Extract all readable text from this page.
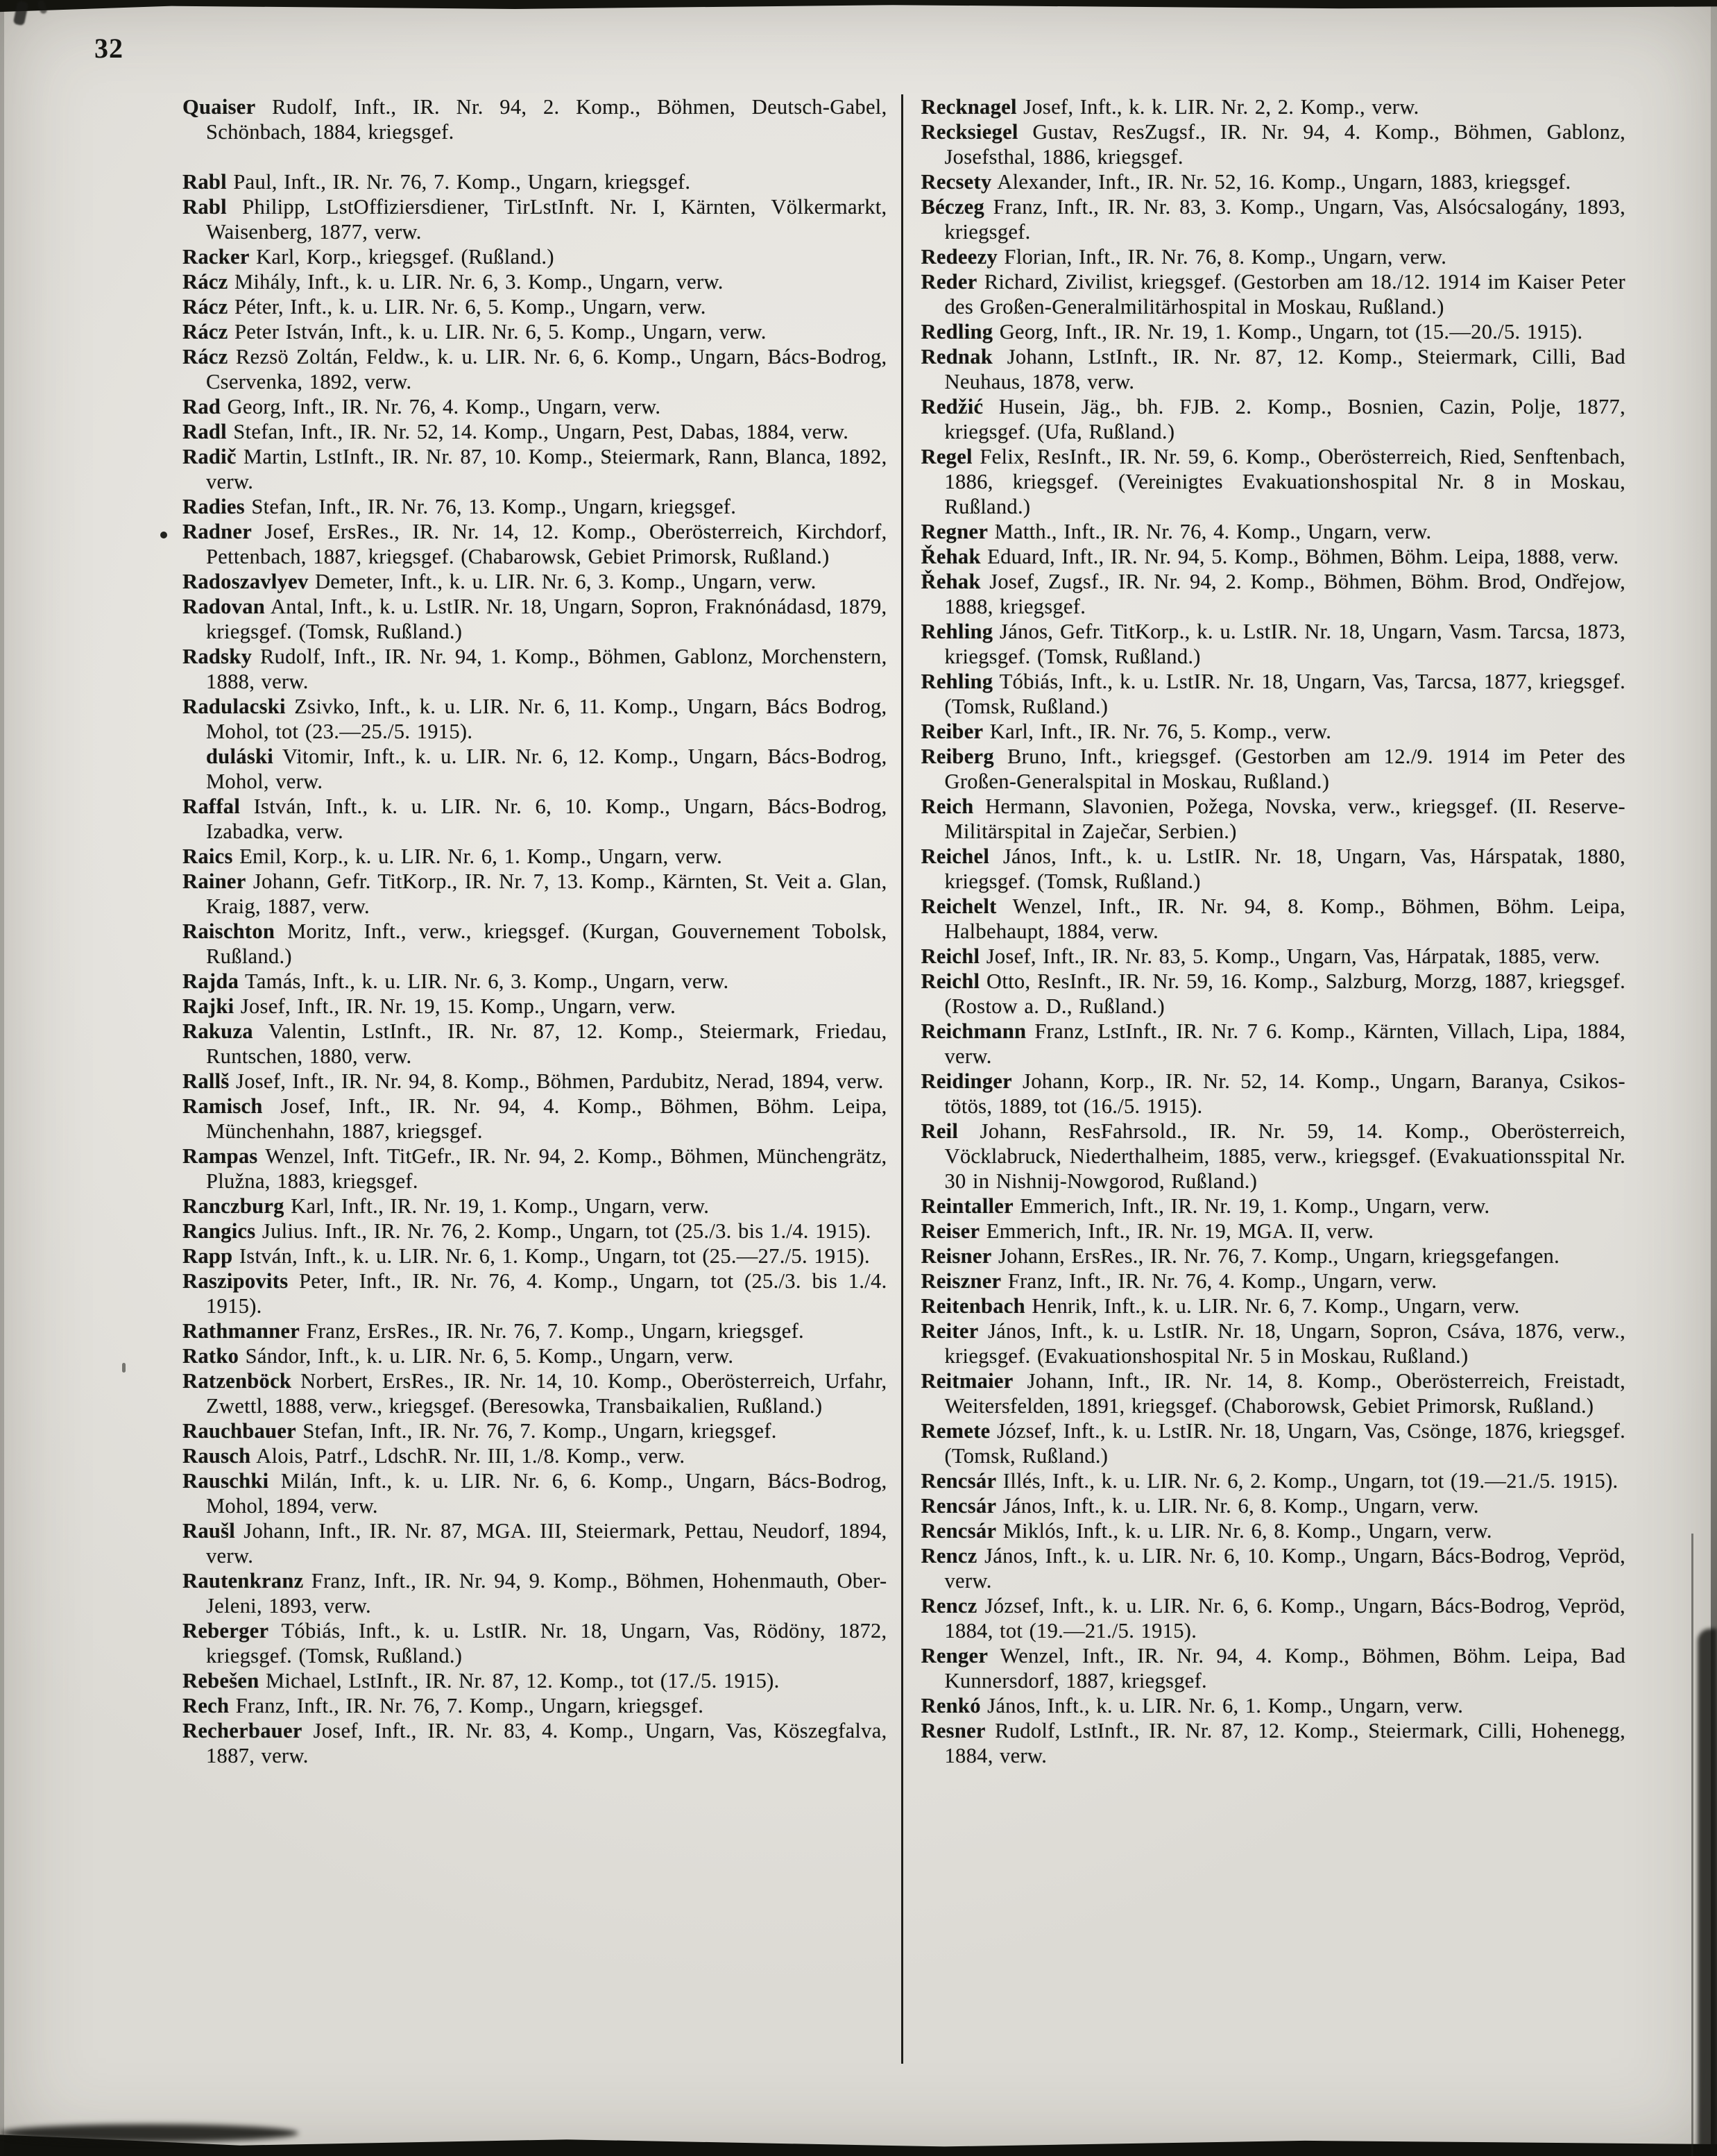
32

Quaiser Rudolf, Inft., IR. Nr. 94, 2. Komp., Böhmen, Deutsch-Gabel, Schönbach, 1884, kriegsgef.

Rabl Paul, Inft., IR. Nr. 76, 7. Komp., Ungarn, kriegsgef.

Rabl Philipp, LstOffiziersdiener, TirLstInft. Nr. I, Kärnten, Völkermarkt, Waisenberg, 1877, verw.

Racker Karl, Korp., kriegsgef. (Rußland.)

Rácz Mihály, Inft., k. u. LIR. Nr. 6, 3. Komp., Ungarn, verw.

Rácz Péter, Inft., k. u. LIR. Nr. 6, 5. Komp., Ungarn, verw.

Rácz Peter István, Inft., k. u. LIR. Nr. 6, 5. Komp., Ungarn, verw.

Rácz Rezsö Zoltán, Feldw., k. u. LIR. Nr. 6, 6. Komp., Ungarn, Bács-Bodrog, Cservenka, 1892, verw.

Rad Georg, Inft., IR. Nr. 76, 4. Komp., Ungarn, verw.

Radl Stefan, Inft., IR. Nr. 52, 14. Komp., Ungarn, Pest, Dabas, 1884, verw.

Radič Martin, LstInft., IR. Nr. 87, 10. Komp., Steiermark, Rann, Blanca, 1892, verw.

Radies Stefan, Inft., IR. Nr. 76, 13. Komp., Ungarn, kriegsgef.

Radner Josef, ErsRes., IR. Nr. 14, 12. Komp., Oberösterreich, Kirchdorf, Pettenbach, 1887, kriegsgef. (Chabarowsk, Gebiet Primorsk, Rußland.)

Radoszavlyev Demeter, Inft., k. u. LIR. Nr. 6, 3. Komp., Ungarn, verw.

Radovan Antal, Inft., k. u. LstIR. Nr. 18, Ungarn, Sopron, Fraknónádasd, 1879, kriegsgef. (Tomsk, Rußland.)

Radsky Rudolf, Inft., IR. Nr. 94, 1. Komp., Böhmen, Gablonz, Morchenstern, 1888, verw.

Radulacski Zsivko, Inft., k. u. LIR. Nr. 6, 11. Komp., Ungarn, Bács Bodrog, Mohol, tot (23.—25./5. 1915).

duláski Vitomir, Inft., k. u. LIR. Nr. 6, 12. Komp., Ungarn, Bács-Bodrog, Mohol, verw.

Raffal István, Inft., k. u. LIR. Nr. 6, 10. Komp., Ungarn, Bács-Bodrog, Izabadka, verw.

Raics Emil, Korp., k. u. LIR. Nr. 6, 1. Komp., Ungarn, verw.

Rainer Johann, Gefr. TitKorp., IR. Nr. 7, 13. Komp., Kärnten, St. Veit a. Glan, Kraig, 1887, verw.

Raischton Moritz, Inft., verw., kriegsgef. (Kurgan, Gouvernement Tobolsk, Rußland.)

Rajda Tamás, Inft., k. u. LIR. Nr. 6, 3. Komp., Ungarn, verw.

Rajki Josef, Inft., IR. Nr. 19, 15. Komp., Ungarn, verw.

Rakuza Valentin, LstInft., IR. Nr. 87, 12. Komp., Steiermark, Friedau, Runtschen, 1880, verw.

Rallš Josef, Inft., IR. Nr. 94, 8. Komp., Böhmen, Pardubitz, Nerad, 1894, verw.

Ramisch Josef, Inft., IR. Nr. 94, 4. Komp., Böhmen, Böhm. Leipa, Münchenhahn, 1887, kriegsgef.

Rampas Wenzel, Inft. TitGefr., IR. Nr. 94, 2. Komp., Böhmen, Münchengrätz, Plužna, 1883, kriegsgef.

Ranczburg Karl, Inft., IR. Nr. 19, 1. Komp., Ungarn, verw.

Rangics Julius. Inft., IR. Nr. 76, 2. Komp., Ungarn, tot (25./3. bis 1./4. 1915).

Rapp István, Inft., k. u. LIR. Nr. 6, 1. Komp., Ungarn, tot (25.—27./5. 1915).

Raszipovits Peter, Inft., IR. Nr. 76, 4. Komp., Ungarn, tot (25./3. bis 1./4. 1915).

Rathmanner Franz, ErsRes., IR. Nr. 76, 7. Komp., Ungarn, kriegsgef.

Ratko Sándor, Inft., k. u. LIR. Nr. 6, 5. Komp., Ungarn, verw.

Ratzenböck Norbert, ErsRes., IR. Nr. 14, 10. Komp., Oberösterreich, Urfahr, Zwettl, 1888, verw., kriegsgef. (Beresowka, Transbaikalien, Rußland.)

Rauchbauer Stefan, Inft., IR. Nr. 76, 7. Komp., Ungarn, kriegsgef.

Rausch Alois, Patrf., LdschR. Nr. III, 1./8. Komp., verw.

Rauschki Milán, Inft., k. u. LIR. Nr. 6, 6. Komp., Ungarn, Bács-Bodrog, Mohol, 1894, verw.

Raušl Johann, Inft., IR. Nr. 87, MGA. III, Steiermark, Pettau, Neudorf, 1894, verw.

Rautenkranz Franz, Inft., IR. Nr. 94, 9. Komp., Böhmen, Hohenmauth, Ober-Jeleni, 1893, verw.

Reberger Tóbiás, Inft., k. u. LstIR. Nr. 18, Ungarn, Vas, Rödöny, 1872, kriegsgef. (Tomsk, Rußland.)

Rebešen Michael, LstInft., IR. Nr. 87, 12. Komp., tot (17./5. 1915).

Rech Franz, Inft., IR. Nr. 76, 7. Komp., Ungarn, kriegsgef.

Recherbauer Josef, Inft., IR. Nr. 83, 4. Komp., Ungarn, Vas, Köszegfalva, 1887, verw.

Recknagel Josef, Inft., k. k. LIR. Nr. 2, 2. Komp., verw.

Recksiegel Gustav, ResZugsf., IR. Nr. 94, 4. Komp., Böhmen, Gablonz, Josefsthal, 1886, kriegsgef.

Recsety Alexander, Inft., IR. Nr. 52, 16. Komp., Ungarn, 1883, kriegsgef.

Béczeg Franz, Inft., IR. Nr. 83, 3. Komp., Ungarn, Vas, Alsócsalogány, 1893, kriegsgef.

Redeezy Florian, Inft., IR. Nr. 76, 8. Komp., Ungarn, verw.

Reder Richard, Zivilist, kriegsgef. (Gestorben am 18./12. 1914 im Kaiser Peter des Großen-Generalmilitärhospital in Moskau, Rußland.)

Redling Georg, Inft., IR. Nr. 19, 1. Komp., Ungarn, tot (15.—20./5. 1915).

Rednak Johann, LstInft., IR. Nr. 87, 12. Komp., Steiermark, Cilli, Bad Neuhaus, 1878, verw.

Redžić Husein, Jäg., bh. FJB. 2. Komp., Bosnien, Cazin, Polje, 1877, kriegsgef. (Ufa, Rußland.)

Regel Felix, ResInft., IR. Nr. 59, 6. Komp., Oberösterreich, Ried, Senftenbach, 1886, kriegsgef. (Vereinigtes Evakuationshospital Nr. 8 in Moskau, Rußland.)

Regner Matth., Inft., IR. Nr. 76, 4. Komp., Ungarn, verw.

Řehak Eduard, Inft., IR. Nr. 94, 5. Komp., Böhmen, Böhm. Leipa, 1888, verw.

Řehak Josef, Zugsf., IR. Nr. 94, 2. Komp., Böhmen, Böhm. Brod, Ondřejow, 1888, kriegsgef.

Rehling János, Gefr. TitKorp., k. u. LstIR. Nr. 18, Ungarn, Vasm. Tarcsa, 1873, kriegsgef. (Tomsk, Rußland.)

Rehling Tóbiás, Inft., k. u. LstIR. Nr. 18, Ungarn, Vas, Tarcsa, 1877, kriegsgef. (Tomsk, Rußland.)

Reiber Karl, Inft., IR. Nr. 76, 5. Komp., verw.

Reiberg Bruno, Inft., kriegsgef. (Gestorben am 12./9. 1914 im Peter des Großen-Generalspital in Moskau, Rußland.)

Reich Hermann, Slavonien, Požega, Novska, verw., kriegsgef. (II. Reserve-Militärspital in Zaječar, Serbien.)

Reichel János, Inft., k. u. LstIR. Nr. 18, Ungarn, Vas, Hárspatak, 1880, kriegsgef. (Tomsk, Rußland.)

Reichelt Wenzel, Inft., IR. Nr. 94, 8. Komp., Böhmen, Böhm. Leipa, Halbehaupt, 1884, verw.

Reichl Josef, Inft., IR. Nr. 83, 5. Komp., Ungarn, Vas, Hárpatak, 1885, verw.

Reichl Otto, ResInft., IR. Nr. 59, 16. Komp., Salzburg, Morzg, 1887, kriegsgef. (Rostow a. D., Rußland.)

Reichmann Franz, LstInft., IR. Nr. 7 6. Komp., Kärnten, Villach, Lipa, 1884, verw.

Reidinger Johann, Korp., IR. Nr. 52, 14. Komp., Ungarn, Baranya, Csikos-tötös, 1889, tot (16./5. 1915).

Reil Johann, ResFahrsold., IR. Nr. 59, 14. Komp., Oberösterreich, Vöcklabruck, Niederthalheim, 1885, verw., kriegsgef. (Evakuationsspital Nr. 30 in Nishnij-Nowgorod, Rußland.)

Reintaller Emmerich, Inft., IR. Nr. 19, 1. Komp., Ungarn, verw.

Reiser Emmerich, Inft., IR. Nr. 19, MGA. II, verw.

Reisner Johann, ErsRes., IR. Nr. 76, 7. Komp., Ungarn, kriegsgefangen.

Reiszner Franz, Inft., IR. Nr. 76, 4. Komp., Ungarn, verw.

Reitenbach Henrik, Inft., k. u. LIR. Nr. 6, 7. Komp., Ungarn, verw.

Reiter János, Inft., k. u. LstIR. Nr. 18, Ungarn, Sopron, Csáva, 1876, verw., kriegsgef. (Evakuationshospital Nr. 5 in Moskau, Rußland.)

Reitmaier Johann, Inft., IR. Nr. 14, 8. Komp., Oberösterreich, Freistadt, Weitersfelden, 1891, kriegsgef. (Chaborowsk, Gebiet Primorsk, Rußland.)

Remete József, Inft., k. u. LstIR. Nr. 18, Ungarn, Vas, Csönge, 1876, kriegsgef. (Tomsk, Rußland.)

Rencsár Illés, Inft., k. u. LIR. Nr. 6, 2. Komp., Ungarn, tot (19.—21./5. 1915).

Rencsár János, Inft., k. u. LIR. Nr. 6, 8. Komp., Ungarn, verw.

Rencsár Miklós, Inft., k. u. LIR. Nr. 6, 8. Komp., Ungarn, verw.

Rencz János, Inft., k. u. LIR. Nr. 6, 10. Komp., Ungarn, Bács-Bodrog, Vepröd, verw.

Rencz József, Inft., k. u. LIR. Nr. 6, 6. Komp., Ungarn, Bács-Bodrog, Vepröd, 1884, tot (19.—21./5. 1915).

Renger Wenzel, Inft., IR. Nr. 94, 4. Komp., Böhmen, Böhm. Leipa, Bad Kunnersdorf, 1887, kriegsgef.

Renkó János, Inft., k. u. LIR. Nr. 6, 1. Komp., Ungarn, verw.

Resner Rudolf, LstInft., IR. Nr. 87, 12. Komp., Steiermark, Cilli, Hohenegg, 1884, verw.
